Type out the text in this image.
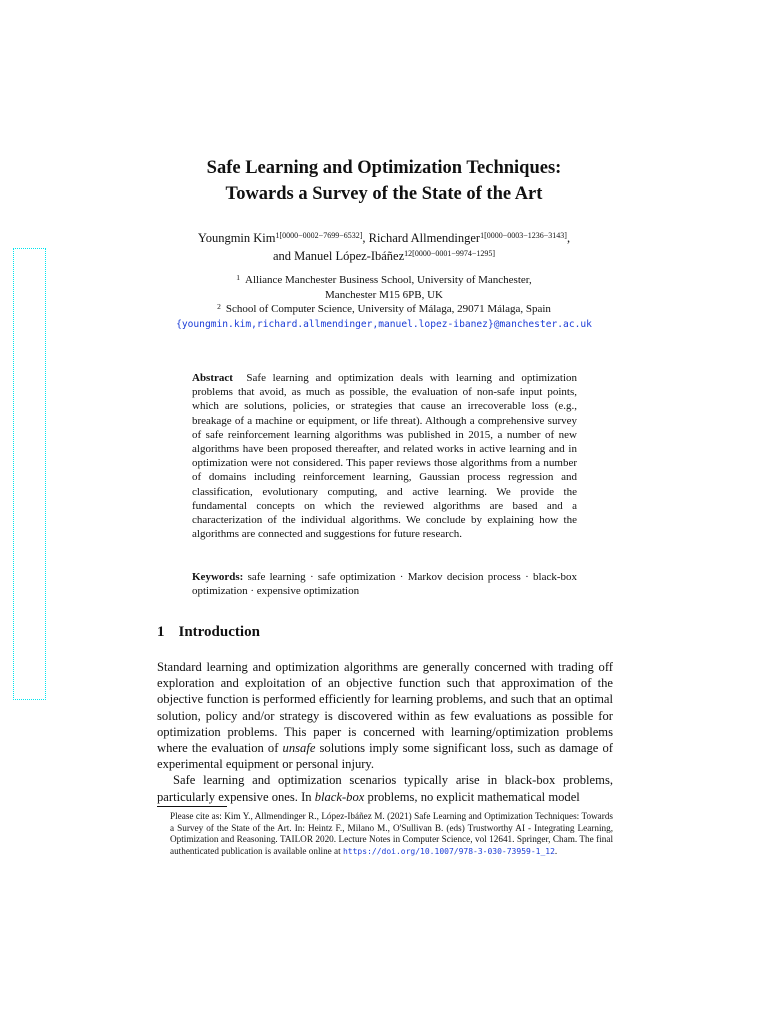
Safe Learning and Optimization Techniques:
Towards a Survey of the State of the Art
Youngmin Kim$^{1[0000-0002-7699-6532]}$, Richard Allmendinger$^{1[0000-0003-1236-3143]}$,
and Manuel López-Ibáñez$^{12[0000-0001-9974-1295]}$
$^1$ Alliance Manchester Business School, University of Manchester,
Manchester M15 6PB, UK
$^2$ School of Computer Science, University of Málaga, 29071 Málaga, Spain
{youngmin.kim,richard.allmendinger,manuel.lopez-ibanez}@manchester.ac.uk
Abstract Safe learning and optimization deals with learning and optimization problems that avoid, as much as possible, the evaluation of non-safe input points, which are solutions, policies, or strategies that cause an irrecoverable loss (e.g., breakage of a machine or equipment, or life threat). Although a comprehensive survey of safe reinforcement learning algorithms was published in 2015, a number of new algorithms have been proposed thereafter, and related works in active learning and in optimization were not considered. This paper reviews those algorithms from a number of domains including reinforcement learning, Gaussian process regression and classification, evolutionary computing, and active learning. We provide the fundamental concepts on which the reviewed algorithms are based and a characterization of the individual algorithms. We conclude by explaining how the algorithms are connected and suggestions for future research.
Keywords: safe learning · safe optimization · Markov decision process · black-box optimization · expensive optimization
1 Introduction

Standard learning and optimization algorithms are generally concerned with trading off exploration and exploitation of an objective function such that approximation of the objective function is performed efficiently for learning problems, and such that an optimal solution, policy and/or strategy is discovered within as few evaluations as possible for optimization problems. This paper is concerned with learning/optimization problems where the evaluation of unsafe solutions imply some significant loss, such as damage of experimental equipment or personal injury.

Safe learning and optimization scenarios typically arise in black-box problems, particularly expensive ones. In black-box problems, no explicit mathematical model

Please cite as: Kim Y., Allmendinger R., López-Ibáñez M. (2021) Safe Learning and Optimization Techniques: Towards a Survey of the State of the Art. In: Heintz F., Milano M., O'Sullivan B. (eds) Trustworthy AI - Integrating Learning, Optimization and Reasoning. TAILOR 2020. Lecture Notes in Computer Science, vol 12641. Springer, Cham. The final authenticated publication is available online at https://doi.org/10.1007/978-3-030-73959-1_12.
